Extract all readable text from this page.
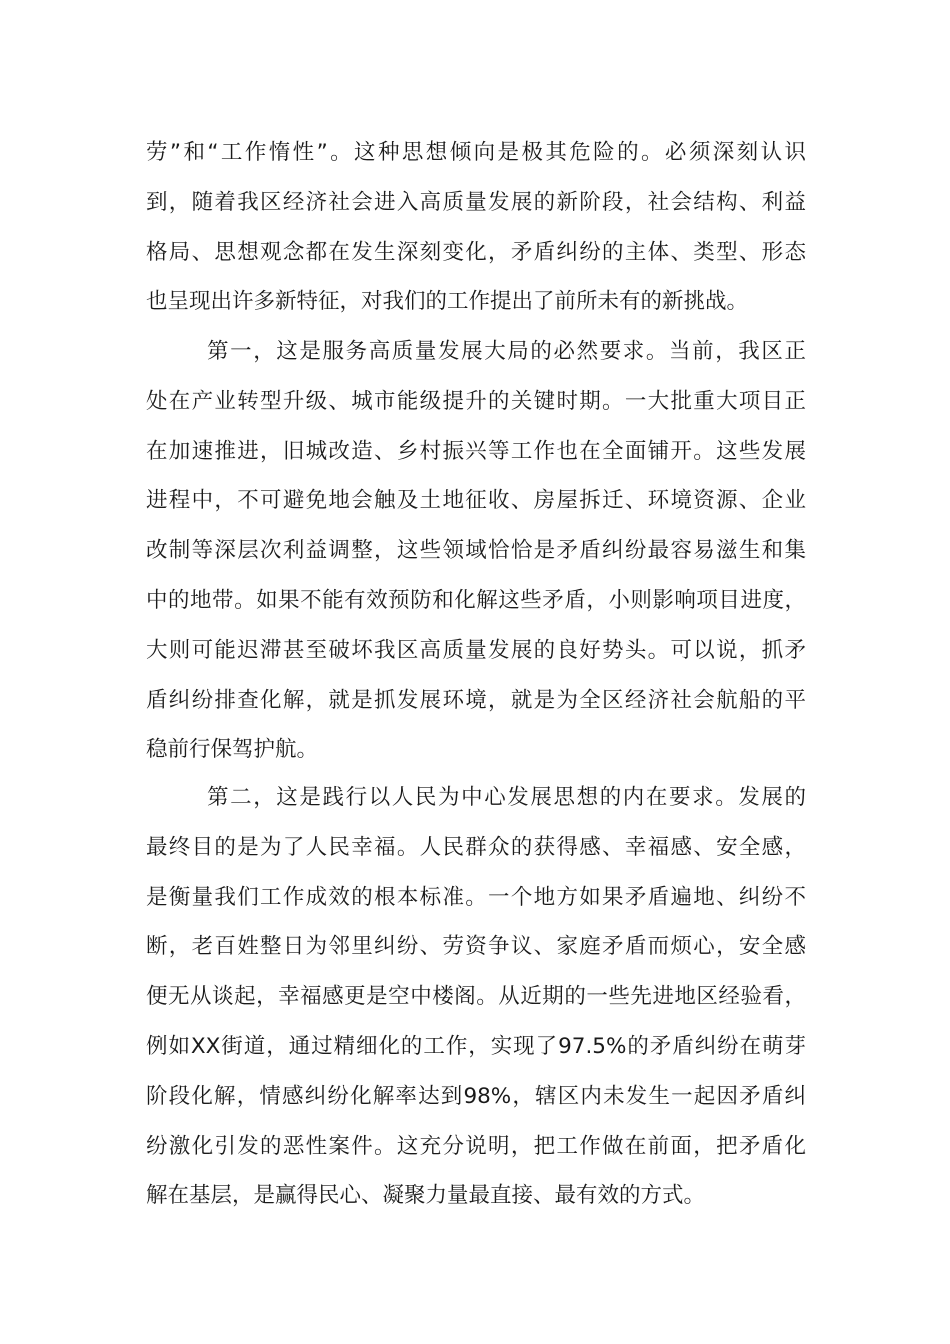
劳”和“工作惰性”。这种思想倾向是极其危险的。必须深刻认识
到，随着我区经济社会进入高质量发展的新阶段，社会结构、利益
格局、思想观念都在发生深刻变化，矛盾纠纷的主体、类型、形态
也呈现出许多新特征，对我们的工作提出了前所未有的新挑战。
第一，这是服务高质量发展大局的必然要求。当前，我区正
处在产业转型升级、城市能级提升的关键时期。一大批重大项目正
在加速推进，旧城改造、乡村振兴等工作也在全面铺开。这些发展
进程中，不可避免地会触及土地征收、房屋拆迁、环境资源、企业
改制等深层次利益调整，这些领域恰恰是矛盾纠纷最容易滋生和集
中的地带。如果不能有效预防和化解这些矛盾，小则影响项目进度，
大则可能迟滞甚至破坏我区高质量发展的良好势头。可以说，抓矛
盾纠纷排查化解，就是抓发展环境，就是为全区经济社会航船的平
稳前行保驾护航。
第二，这是践行以人民为中心发展思想的内在要求。发展的
最终目的是为了人民幸福。人民群众的获得感、幸福感、安全感，
是衡量我们工作成效的根本标准。一个地方如果矛盾遍地、纠纷不
断，老百姓整日为邻里纠纷、劳资争议、家庭矛盾而烦心，安全感
便无从谈起，幸福感更是空中楼阁。从近期的一些先进地区经验看，
例如XX街道，通过精细化的工作，实现了97.5%的矛盾纠纷在萌芽
阶段化解，情感纠纷化解率达到98%，辖区内未发生一起因矛盾纠
纷激化引发的恶性案件。这充分说明，把工作做在前面，把矛盾化
解在基层，是赢得民心、凝聚力量最直接、最有效的方式。
